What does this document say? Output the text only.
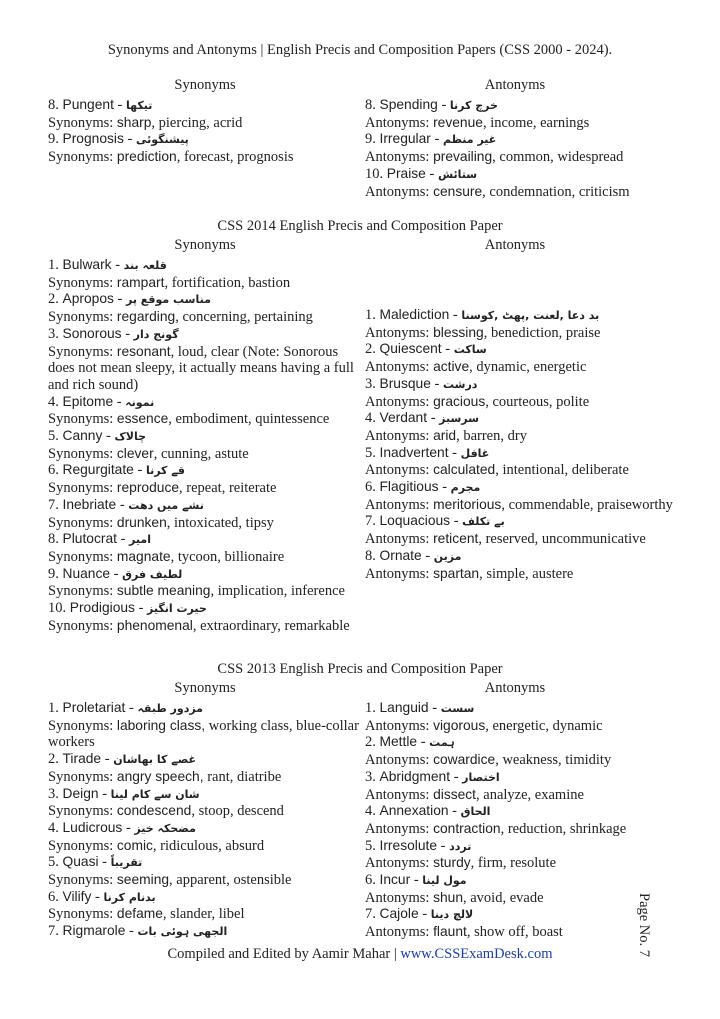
Synonyms and Antonyms | English Precis and Composition Papers (CSS 2000 - 2024).
Synonyms	Antonyms
8. Pungent - تیکھا
Synonyms: sharp, piercing, acrid
9. Prognosis - پیشنگوئی
Synonyms: prediction, forecast, prognosis
8. Spending - خرچ کرنا
Antonyms: revenue, income, earnings
9. Irregular - غیر منظم
Antonyms: prevailing, common, widespread
10. Praise - ستائش
Antonyms: censure, condemnation, criticism
CSS 2014 English Precis and Composition Paper
Synonyms	Antonyms
1. Bulwark - قلعہ بند
Synonyms: rampart, fortification, bastion
2. Apropos - مناسب موقع پر
Synonyms: regarding, concerning, pertaining
3. Sonorous - گونج دار
Synonyms: resonant, loud, clear (Note: Sonorous does not mean sleepy, it actually means having a full and rich sound)
4. Epitome - نمونہ
Synonyms: essence, embodiment, quintessence
5. Canny - چالاک
Synonyms: clever, cunning, astute
6. Regurgitate - قے کرنا
Synonyms: reproduce, repeat, reiterate
7. Inebriate - نشے میں دھت
Synonyms: drunken, intoxicated, tipsy
8. Plutocrat - امیر
Synonyms: magnate, tycoon, billionaire
9. Nuance - لطیف فرق
Synonyms: subtle meaning, implication, inference
10. Prodigious - حیرت انگیز
Synonyms: phenomenal, extraordinary, remarkable
1. Malediction - بد دعا ,لعنت ,پھٹ ,کوسنا
Antonyms: blessing, benediction, praise
2. Quiescent - ساکت
Antonyms: active, dynamic, energetic
3. Brusque - درشت
Antonyms: gracious, courteous, polite
4. Verdant - سرسبز
Antonyms: arid, barren, dry
5. Inadvertent - غافل
Antonyms: calculated, intentional, deliberate
6. Flagitious - مجرم
Antonyms: meritorious, commendable, praiseworthy
7. Loquacious - بے تکلف
Antonyms: reticent, reserved, uncommunicative
8. Ornate - مزین
Antonyms: spartan, simple, austere
CSS 2013 English Precis and Composition Paper
Synonyms	Antonyms
1. Proletariat - مزدور طبقہ
Synonyms: laboring class, working class, blue-collar workers
2. Tirade - غصے کا بھاشان
Synonyms: angry speech, rant, diatribe
3. Deign - شان سے کام لینا
Synonyms: condescend, stoop, descend
4. Ludicrous - مضحکہ خیز
Synonyms: comic, ridiculous, absurd
5. Quasi - تقریباً
Synonyms: seeming, apparent, ostensible
6. Vilify - بدنام کرنا
Synonyms: defame, slander, libel
7. Rigmarole - الجھی ہوئی بات
1. Languid - سست
Antonyms: vigorous, energetic, dynamic
2. Mettle - ہمت
Antonyms: cowardice, weakness, timidity
3. Abridgment - اختصار
Antonyms: dissect, analyze, examine
4. Annexation - الحاق
Antonyms: contraction, reduction, shrinkage
5. Irresolute - تردد
Antonyms: sturdy, firm, resolute
6. Incur - مول لینا
Antonyms: shun, avoid, evade
7. Cajole - لالچ دینا
Antonyms: flaunt, show off, boast
Compiled and Edited by Aamir Mahar | www.CSSExamDesk.com	Page No. 7
